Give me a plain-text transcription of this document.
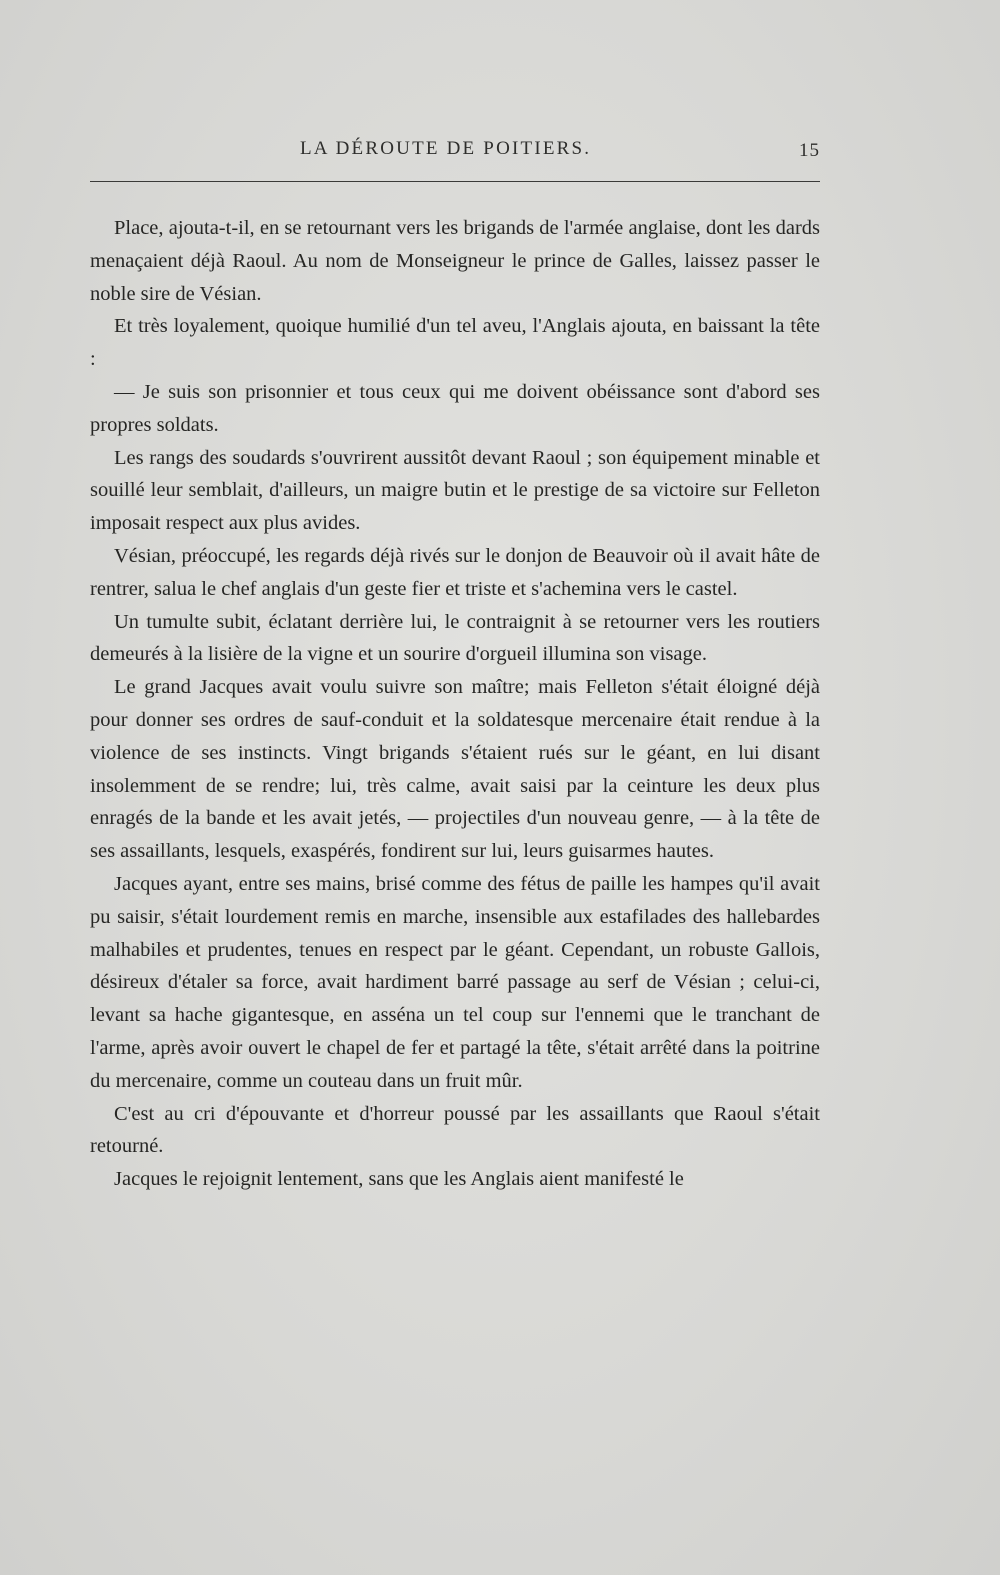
LA DÉROUTE DE POITIERS.	15

Place, ajouta-t-il, en se retournant vers les brigands de l'armée anglaise, dont les dards menaçaient déjà Raoul. Au nom de Monseigneur le prince de Galles, laissez passer le noble sire de Vésian.

Et très loyalement, quoique humilié d'un tel aveu, l'Anglais ajouta, en baissant la tête :

— Je suis son prisonnier et tous ceux qui me doivent obéissance sont d'abord ses propres soldats.

Les rangs des soudards s'ouvrirent aussitôt devant Raoul ; son équipement minable et souillé leur semblait, d'ailleurs, un maigre butin et le prestige de sa victoire sur Felleton imposait respect aux plus avides.

Vésian, préoccupé, les regards déjà rivés sur le donjon de Beauvoir où il avait hâte de rentrer, salua le chef anglais d'un geste fier et triste et s'achemina vers le castel.

Un tumulte subit, éclatant derrière lui, le contraignit à se retourner vers les routiers demeurés à la lisière de la vigne et un sourire d'orgueil illumina son visage.

Le grand Jacques avait voulu suivre son maître; mais Felleton s'était éloigné déjà pour donner ses ordres de sauf-conduit et la soldatesque mercenaire était rendue à la violence de ses instincts. Vingt brigands s'étaient rués sur le géant, en lui disant insolemment de se rendre; lui, très calme, avait saisi par la ceinture les deux plus enragés de la bande et les avait jetés, — projectiles d'un nouveau genre, — à la tête de ses assaillants, lesquels, exaspérés, fondirent sur lui, leurs guisarmes hautes.

Jacques ayant, entre ses mains, brisé comme des fétus de paille les hampes qu'il avait pu saisir, s'était lourdement remis en marche, insensible aux estafilades des hallebardes malhabiles et prudentes, tenues en respect par le géant. Cependant, un robuste Gallois, désireux d'étaler sa force, avait hardiment barré passage au serf de Vésian ; celui-ci, levant sa hache gigantesque, en asséna un tel coup sur l'ennemi que le tranchant de l'arme, après avoir ouvert le chapel de fer et partagé la tête, s'était arrêté dans la poitrine du mercenaire, comme un couteau dans un fruit mûr.

C'est au cri d'épouvante et d'horreur poussé par les assaillants que Raoul s'était retourné.

Jacques le rejoignit lentement, sans que les Anglais aient manifesté le
